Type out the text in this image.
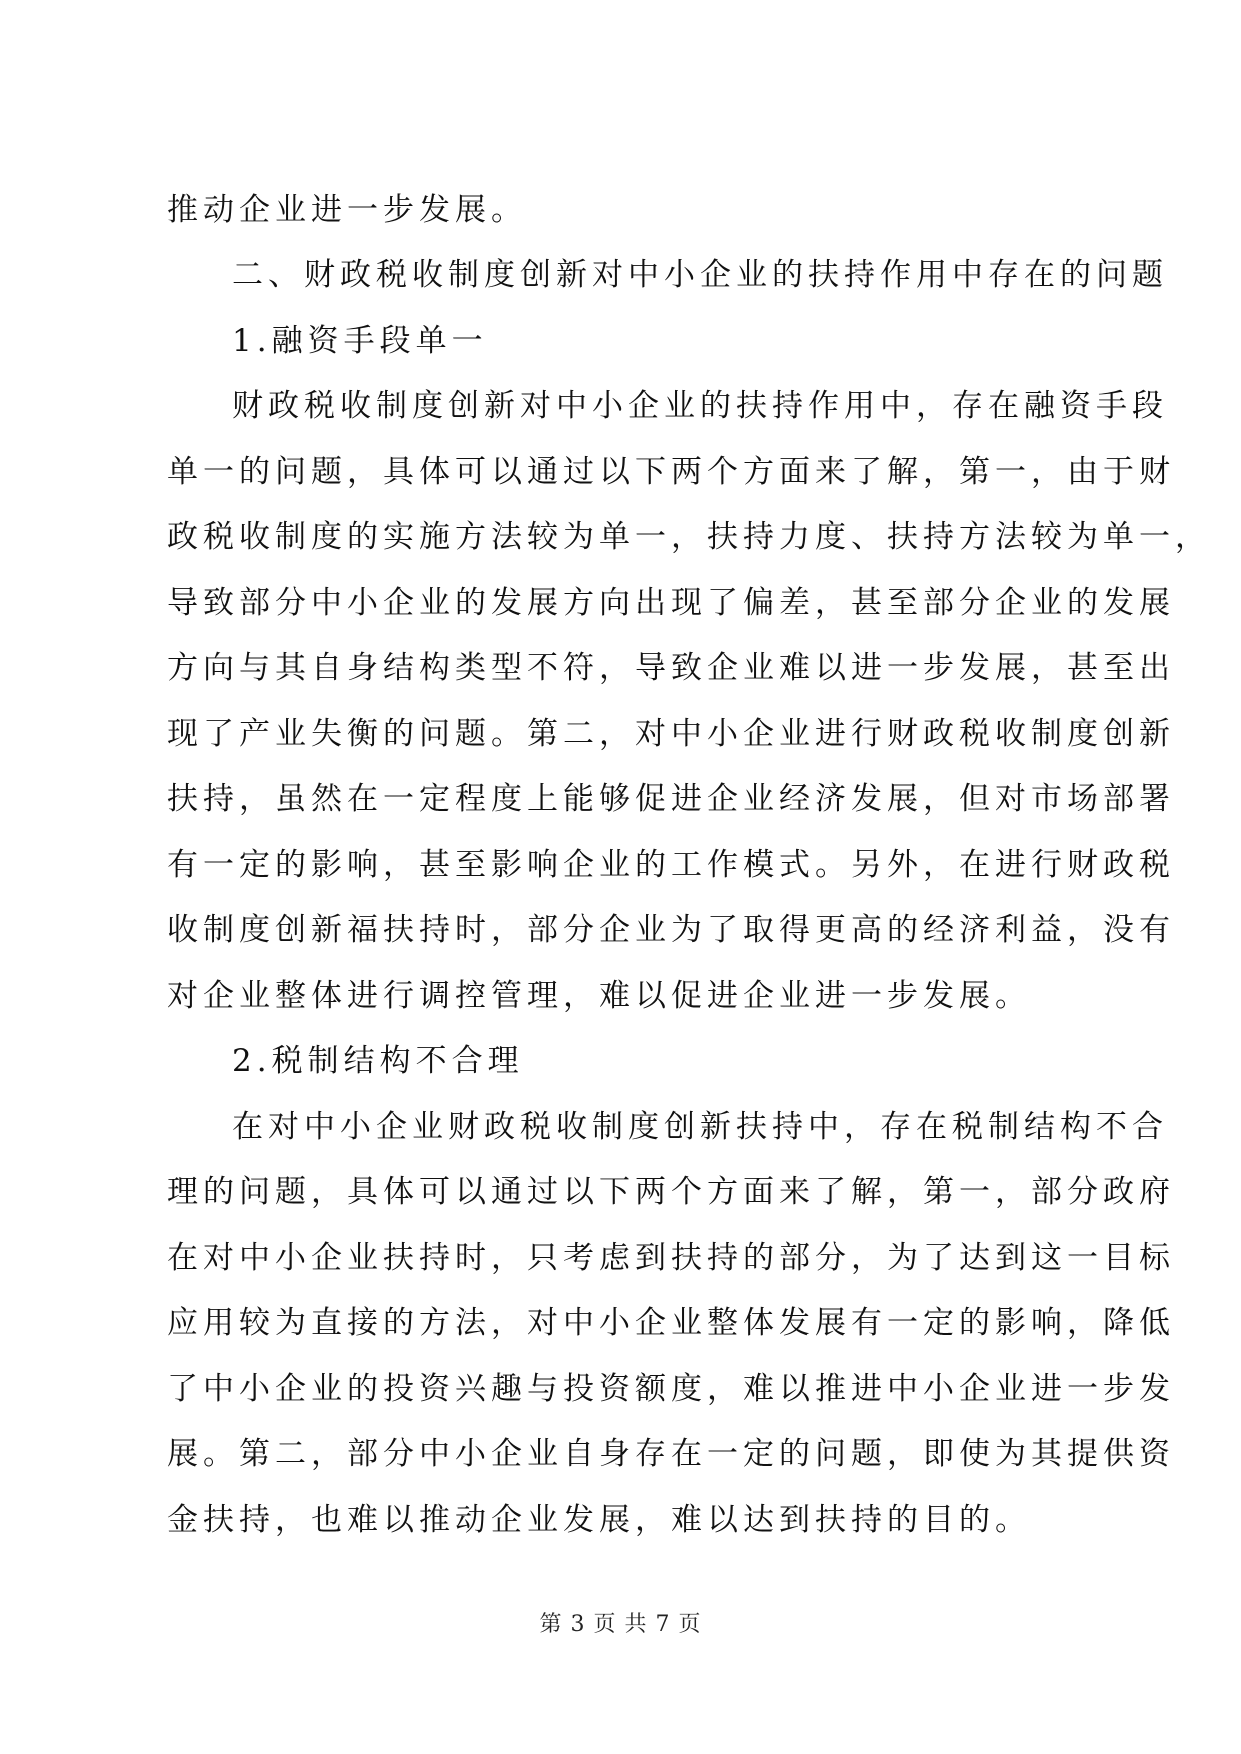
推动企业进一步发展。
二、财政税收制度创新对中小企业的扶持作用中存在的问题
1.融资手段单一
财政税收制度创新对中小企业的扶持作用中，存在融资手段
单一的问题，具体可以通过以下两个方面来了解，第一，由于财
政税收制度的实施方法较为单一，扶持力度、扶持方法较为单一，
导致部分中小企业的发展方向出现了偏差，甚至部分企业的发展
方向与其自身结构类型不符，导致企业难以进一步发展，甚至出
现了产业失衡的问题。第二，对中小企业进行财政税收制度创新
扶持，虽然在一定程度上能够促进企业经济发展，但对市场部署
有一定的影响，甚至影响企业的工作模式。另外，在进行财政税
收制度创新福扶持时，部分企业为了取得更高的经济利益，没有
对企业整体进行调控管理，难以促进企业进一步发展。
2.税制结构不合理
在对中小企业财政税收制度创新扶持中，存在税制结构不合
理的问题，具体可以通过以下两个方面来了解，第一，部分政府
在对中小企业扶持时，只考虑到扶持的部分，为了达到这一目标
应用较为直接的方法，对中小企业整体发展有一定的影响，降低
了中小企业的投资兴趣与投资额度，难以推进中小企业进一步发
展。第二，部分中小企业自身存在一定的问题，即使为其提供资
金扶持，也难以推动企业发展，难以达到扶持的目的。
第 3 页 共 7 页
